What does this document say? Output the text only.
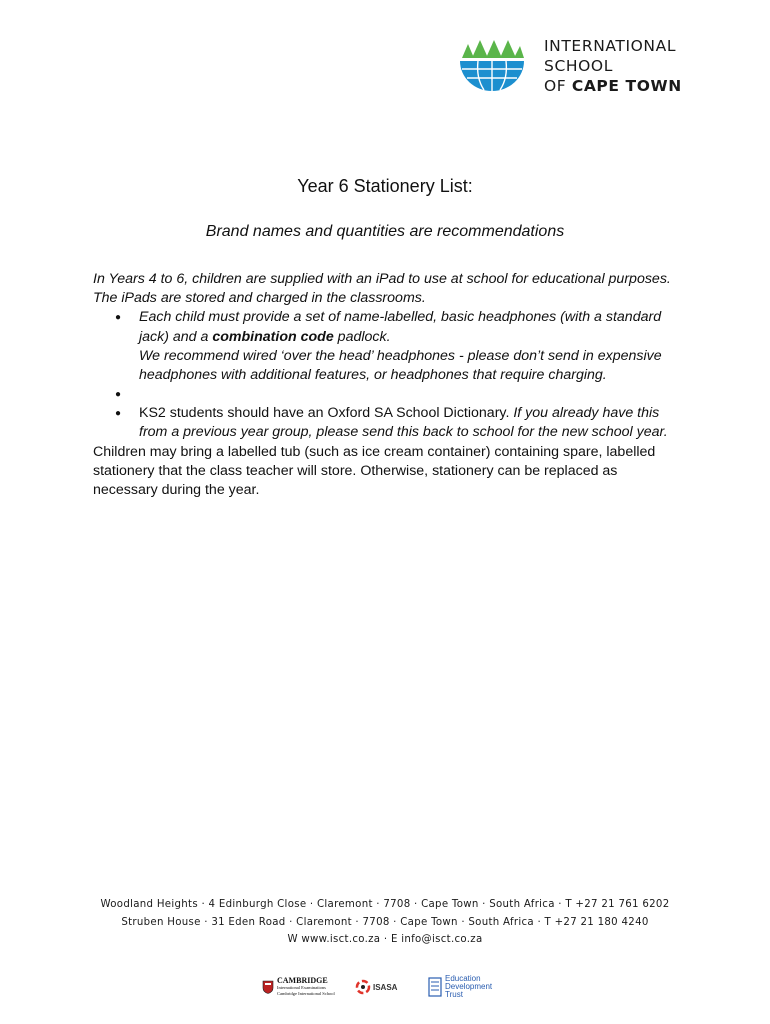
INTERNATIONAL
SCHOOL
OF CAPE TOWN
Year 6 Stationery List:
Brand names and quantities are recommendations

In Years 4 to 6, children are supplied with an iPad to use at school for educational purposes. The iPads are stored and charged in the classrooms.

● Each child must provide a set of name-labelled, basic headphones (with a standard jack) and a combination code padlock.
We recommend wired ‘over the head’ headphones - please don’t send in expensive headphones with additional features, or headphones that require charging.
●
● KS2 students should have an Oxford SA School Dictionary. If you already have this from a previous year group, please send this back to school for the new school year.

Children may bring a labelled tub (such as ice cream container) containing spare, labelled stationery that the class teacher will store. Otherwise, stationery can be replaced as necessary during the year.

Woodland Heights · 4 Edinburgh Close · Claremont · 7708 · Cape Town · South Africa · T +27 21 761 6202
Struben House · 31 Eden Road · Claremont · 7708 · Cape Town · South Africa · T +27 21 180 4240
W www.isct.co.za · E info@isct.co.za
CAMBRIDGE
International Examinations
Cambridge International School
ISASA
Education
Development
Trust
